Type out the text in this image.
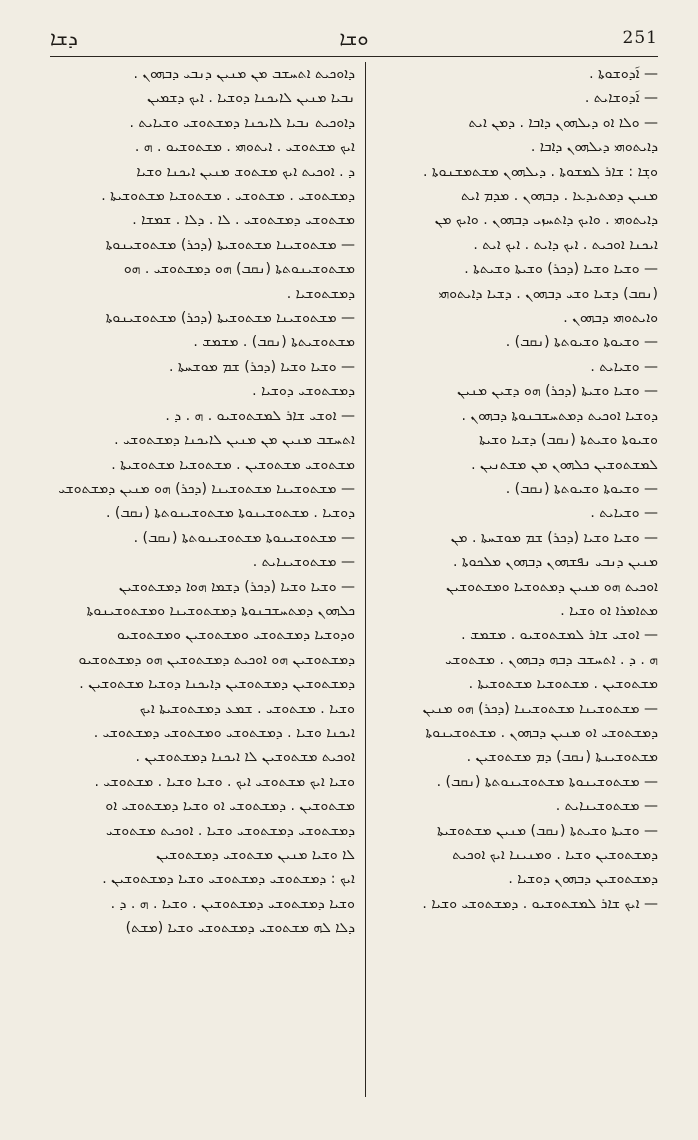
ܕܫܐ	ܘܫܐ	251
— ܐ݇ܕܘܫܘܬܐ .
— ܐ݇ܕܘܫܐܝܬ .
— ܘܠܐ ܐܘ ܕܝܠܗܘܢ ܕܐܒܐ . ܕܡܢ ܐܝܬ
ܕܐܝܬܘܗܝ ܕܝܠܗܘܢ ܕܐܒܐ .
ܘܫ݂ܐ : ܫܐܪ ܠܡܫܘܬܐ . ܕܝܠܗܘܢ ܡܫܬܡܫܢܘܬܐ .
ܡܢܝܢ ܕܡܬܝܕܥܐ . ܕܒܗܘܢ . ܡܕܡ ܐܝܬ
ܕܐܝܬܘܗܝ . ܘܐܝܟ ܕܐܬܚܙܝ ܕܒܗܘܢ . ܘܐܝܟ ܡܢ
ܐܝܟܢܐ ܐܘܟܝܬ . ܐܝܟ ܕܐܝܬ . ܐܝܟ ܐܝܬ .
— ܘܫܝܐ ܘܫܝܐ (ܕܟܪ) ܘܫܝܬܐ ܘܫܝܬܬܐ .
(ܢܩܒ) ܕܫܝܐ ܘܫܝ ܕܒܗܘܢ . ܕܫܝܐ ܕܐܝܬܘܗܝ
ܘܐܝܬܘܗܝ ܕܒܗܘܢ .
— ܘܫܝܘܬܐ ܘܫܝܘܬܬܐ (ܢܩܒ) .
— ܘܫܝܐܝܬ .
— ܘܫܝܐ ܘܫܝܬܐ (ܕܟܪ) ܗܘ ܕܫܝܢ ܡܢܝܢ
ܕܘܫܝܐ ܐܘܟܝܬ ܕܡܬܚܫܒܢܘܬܐ ܕܒܗܘܢ .
ܘܫܝܘܬܐ ܘܫܝܬܬܐ (ܢܩܒ) ܕܫܝܐ ܘܫܝܬܐ
ܠܡܫܬܘܫܝܢ ܟܠܗܘܢ ܡܢ ܡܫܬܢܝܢ .
— ܘܫܝܘܬܐ ܘܫܝܘܬܬܐ (ܢܩܒ) .
— ܘܫܝܐܝܬ .
— ܘܫܝܐ ܘܫܝܐ (ܕܟܪ) ܫܡ ܡܘܫܚܬܐ . ܡܢ
ܡܢܝܢ ܕܢܒܝ ܢܦܫܗܘܢ ܕܒܗܘܢ ܡܠܟܘܬܐ .
ܐܘܟܝܬ ܗܘ ܡܢܝܢ ܕܡܬܘܫܝܐ ܘܡܫܬܘܫܝܢ
ܡܬܐܡܪܐ ܐܘ ܘܫܝܐ .
— ܐܘܫܝ ܫܐܪ ܠܡܫܬܘܫܝܘ . ܡܫܡܫ .
ܗ . ܕ . ܐܬܚܫܒ ܕܒܗ ܕܒܗܘܢ . ܡܫܬܘܫܝ
ܡܫܬܘܫܝܢ . ܡܫܬܘܫܝܐ ܡܫܬܘܫܝܬܐ .
— ܡܫܬܘܫܝܢܐ ܡܫܬܘܫܝܢܐ (ܕܟܪ) ܗܘ ܡܢܝܢ
ܕܡܫܬܘܫܝ ܐܘ ܡܢܝܢ ܕܒܗܘܢ . ܡܫܬܘܫܝܢܘܬܐ
ܡܫܬܘܫܝܢܬܐ (ܢܩܒ) ܕܡ ܡܫܬܘܫܝܢ .
— ܡܫܬܘܫܝܢܘܬܐ ܡܫܬܘܫܝܢܘܬܬܐ (ܢܩܒ) .
— ܡܫܬܘܫܝܢܐܝܬ .
— ܘܫܝܬܐ ܘܫܝܬܬܐ (ܢܩܒ) ܡܢܝܢ ܡܫܬܘܫܝܬܐ
ܕܡܫܬܘܫܝܢ ܘܫܝܐ . ܘܡܢܝܢܐ ܐܝܟ ܐܘܟܝܬ
ܕܡܫܬܘܫܝܢ ܕܒܗܘܢ ܕܘܫܝܐ .
— ܐܝܟ ܫܐܪ ܠܡܫܬܘܫܝܘ . ܕܡܫܬܘܫܝ ܘܫܝܐ .
ܕܐܘܟܝܬ ܐܬܚܫܒ ܡܢ ܡܢܝܢ ܕܢܒܝ ܕܒܗܘܢ .
ܢܒܝܐ ܡܢܝܢ ܠܐܝܟܢܐ ܕܘܫܝܐ . ܐܝܟ ܕܫܡܝܢ
ܕܐܘܟܝܬ ܢܒܝܐ ܠܐܝܟܢܐ ܕܡܫܬܘܫܝ ܘܫܝܐܝܬ .
ܐܝܟ ܡܫܬܘܫܝ . ܐܝܬܘܗܝ . ܡܫܬܘܫܝܘ . ܗ .
ܕ . ܐܘܟܝܬ ܐܝܟ ܡܫܬܘܫ ܡܢܝܢ ܐܝܟܢܐ ܘܫܝܐ
ܕܡܫܬܘܫܝ . ܡܫܬܘܫܝ . ܡܫܬܘܫܝܐ ܡܫܬܘܫܝܬܐ .
ܡܫܬܘܫܝ ܕܡܫܬܘܫܝ . ܠܐ . ܕܠܐ . ܫܡܫܐ .
— ܡܫܬܘܫܝܢܐ ܡܫܬܘܫܝܬܐ (ܕܟܪ) ܡܫܬܘܫܝܢܘܬܐ
ܡܫܬܘܫܝܢܘܬܬܐ (ܢܩܒ) ܗܘ ܕܡܫܬܘܫܝ . ܗܘ
ܕܡܫܬܘܫܝܐ .
— ܡܫܬܘܫܝܢܐ ܡܫܬܘܫܝܬܐ (ܕܟܪ) ܡܫܬܘܫܝܢܘܬܐ
ܡܫܬܘܫܝܬܬܐ (ܢܩܒ) . ܡܫܡܫ .
— ܘܫܝܐ ܘܫܝܐ (ܕܟܪ) ܫܡ ܡܘܫܚܬܐ .
ܕܡܫܬܘܫܝ ܕܘܫܝܐ .
— ܐܘܫܝ ܫܐܪ ܠܡܫܬܘܫܝܘ . ܗ . ܕ .
ܐܬܚܫܒ ܡܢܝܢ ܡܢ ܡܢܝܢ ܠܐܝܟܢܐ ܕܡܫܬܘܫܝ .
ܡܫܬܘܫܝ ܡܫܬܘܫܝܢ . ܡܫܬܘܫܝܐ ܡܫܬܘܫܝܬܐ .
— ܡܫܬܘܫܝܢܐ ܡܫܬܘܫܝܢܐ (ܕܟܪ) ܗܘ ܡܢܝܢ ܕܡܫܬܘܫܝ
ܕܘܫܝܐ . ܡܫܬܘܫܝܢܘܬܐ ܡܫܬܘܫܝܢܘܬܬܐ (ܢܩܒ) .
— ܡܫܬܘܫܝܢܘܬܐ ܡܫܬܘܫܝܢܘܬܬܐ (ܢܩܒ) .
— ܡܫܬܘܫܝܢܐܝܬ .
— ܘܫܝܐ ܘܫܝܐ (ܕܟܪ) ܕܫܡܐ ܗܘܐ ܕܡܫܬܘܫܝܢ
ܟܠܗܘܢ ܕܡܬܚܫܒܢܘܬܐ ܕܡܫܬܘܫܝܢܐ ܘܡܫܬܘܫܝܢܘܬܐ
ܘܕܘܫܝܐ ܕܡܫܬܘܫܝ ܘܡܫܬܘܫܝܢ ܘܡܫܬܘܫܝܘ
ܕܡܫܬܘܫܝܢ ܗܘ ܐܘܟܝܬ ܕܡܫܬܘܫܝܢ ܗܘ ܕܡܫܬܘܫܝܘ
ܕܡܫܬܘܫܝܢ ܕܡܫܬܘܫܝܢ ܕܐܝܟܢܐ ܕܘܫܝܐ ܡܫܬܘܫܝܢ .
ܘܫܝܐ . ܡܫܬܘܫܝ . ܫܡܥ ܕܡܫܬܘܫܝܬܐ ܐܝܟ
ܐܝܟܢܐ ܘܫܝܐ . ܕܡܫܬܘܫܝ ܘܡܫܬܘܫܝ ܕܡܫܬܘܫܝ .
ܐܘܟܝܬ ܡܫܬܘܫܝܢ ܠܐ ܐܝܟܢܐ ܕܡܫܬܘܫܝܢ .
ܘܫܝܐ ܐܝܟ ܡܫܬܘܫܝ ܐܝܟ . ܘܫܝܐ ܘܫܝܐ . ܡܫܬܘܫܝ .
ܡܫܬܘܫܝܢ . ܕܡܫܬܘܫܝ ܐܘ ܘܫܝܐ ܕܡܫܬܘܫܝ ܐܘ
ܕܡܫܬܘܫܝ ܕܡܫܬܘܫܝ ܘܫܝܐ . ܐܘܟܝܬ ܡܫܬܘܫܝ
ܠܐ ܘܫܝܐ ܡܢܝܢ ܡܫܬܘܫܝ ܕܡܫܬܘܫܝܢ
ܐܝܟ : ܕܡܫܬܘܫܝ ܕܡܫܬܘܫܝ ܘܫܝܐ ܕܡܫܬܘܫܝܢ .
ܘܫܝܐ ܕܡܫܬܘܫܝ ܕܡܫܬܘܫܝܢ . ܘܫܝܐ . ܗ . ܕ .
ܕܠܐ ܠܗ ܡܫܬܘܫܝ ܕܡܫܬܘܫܝ ܘܫܝܐ (ܡܫܬ)
